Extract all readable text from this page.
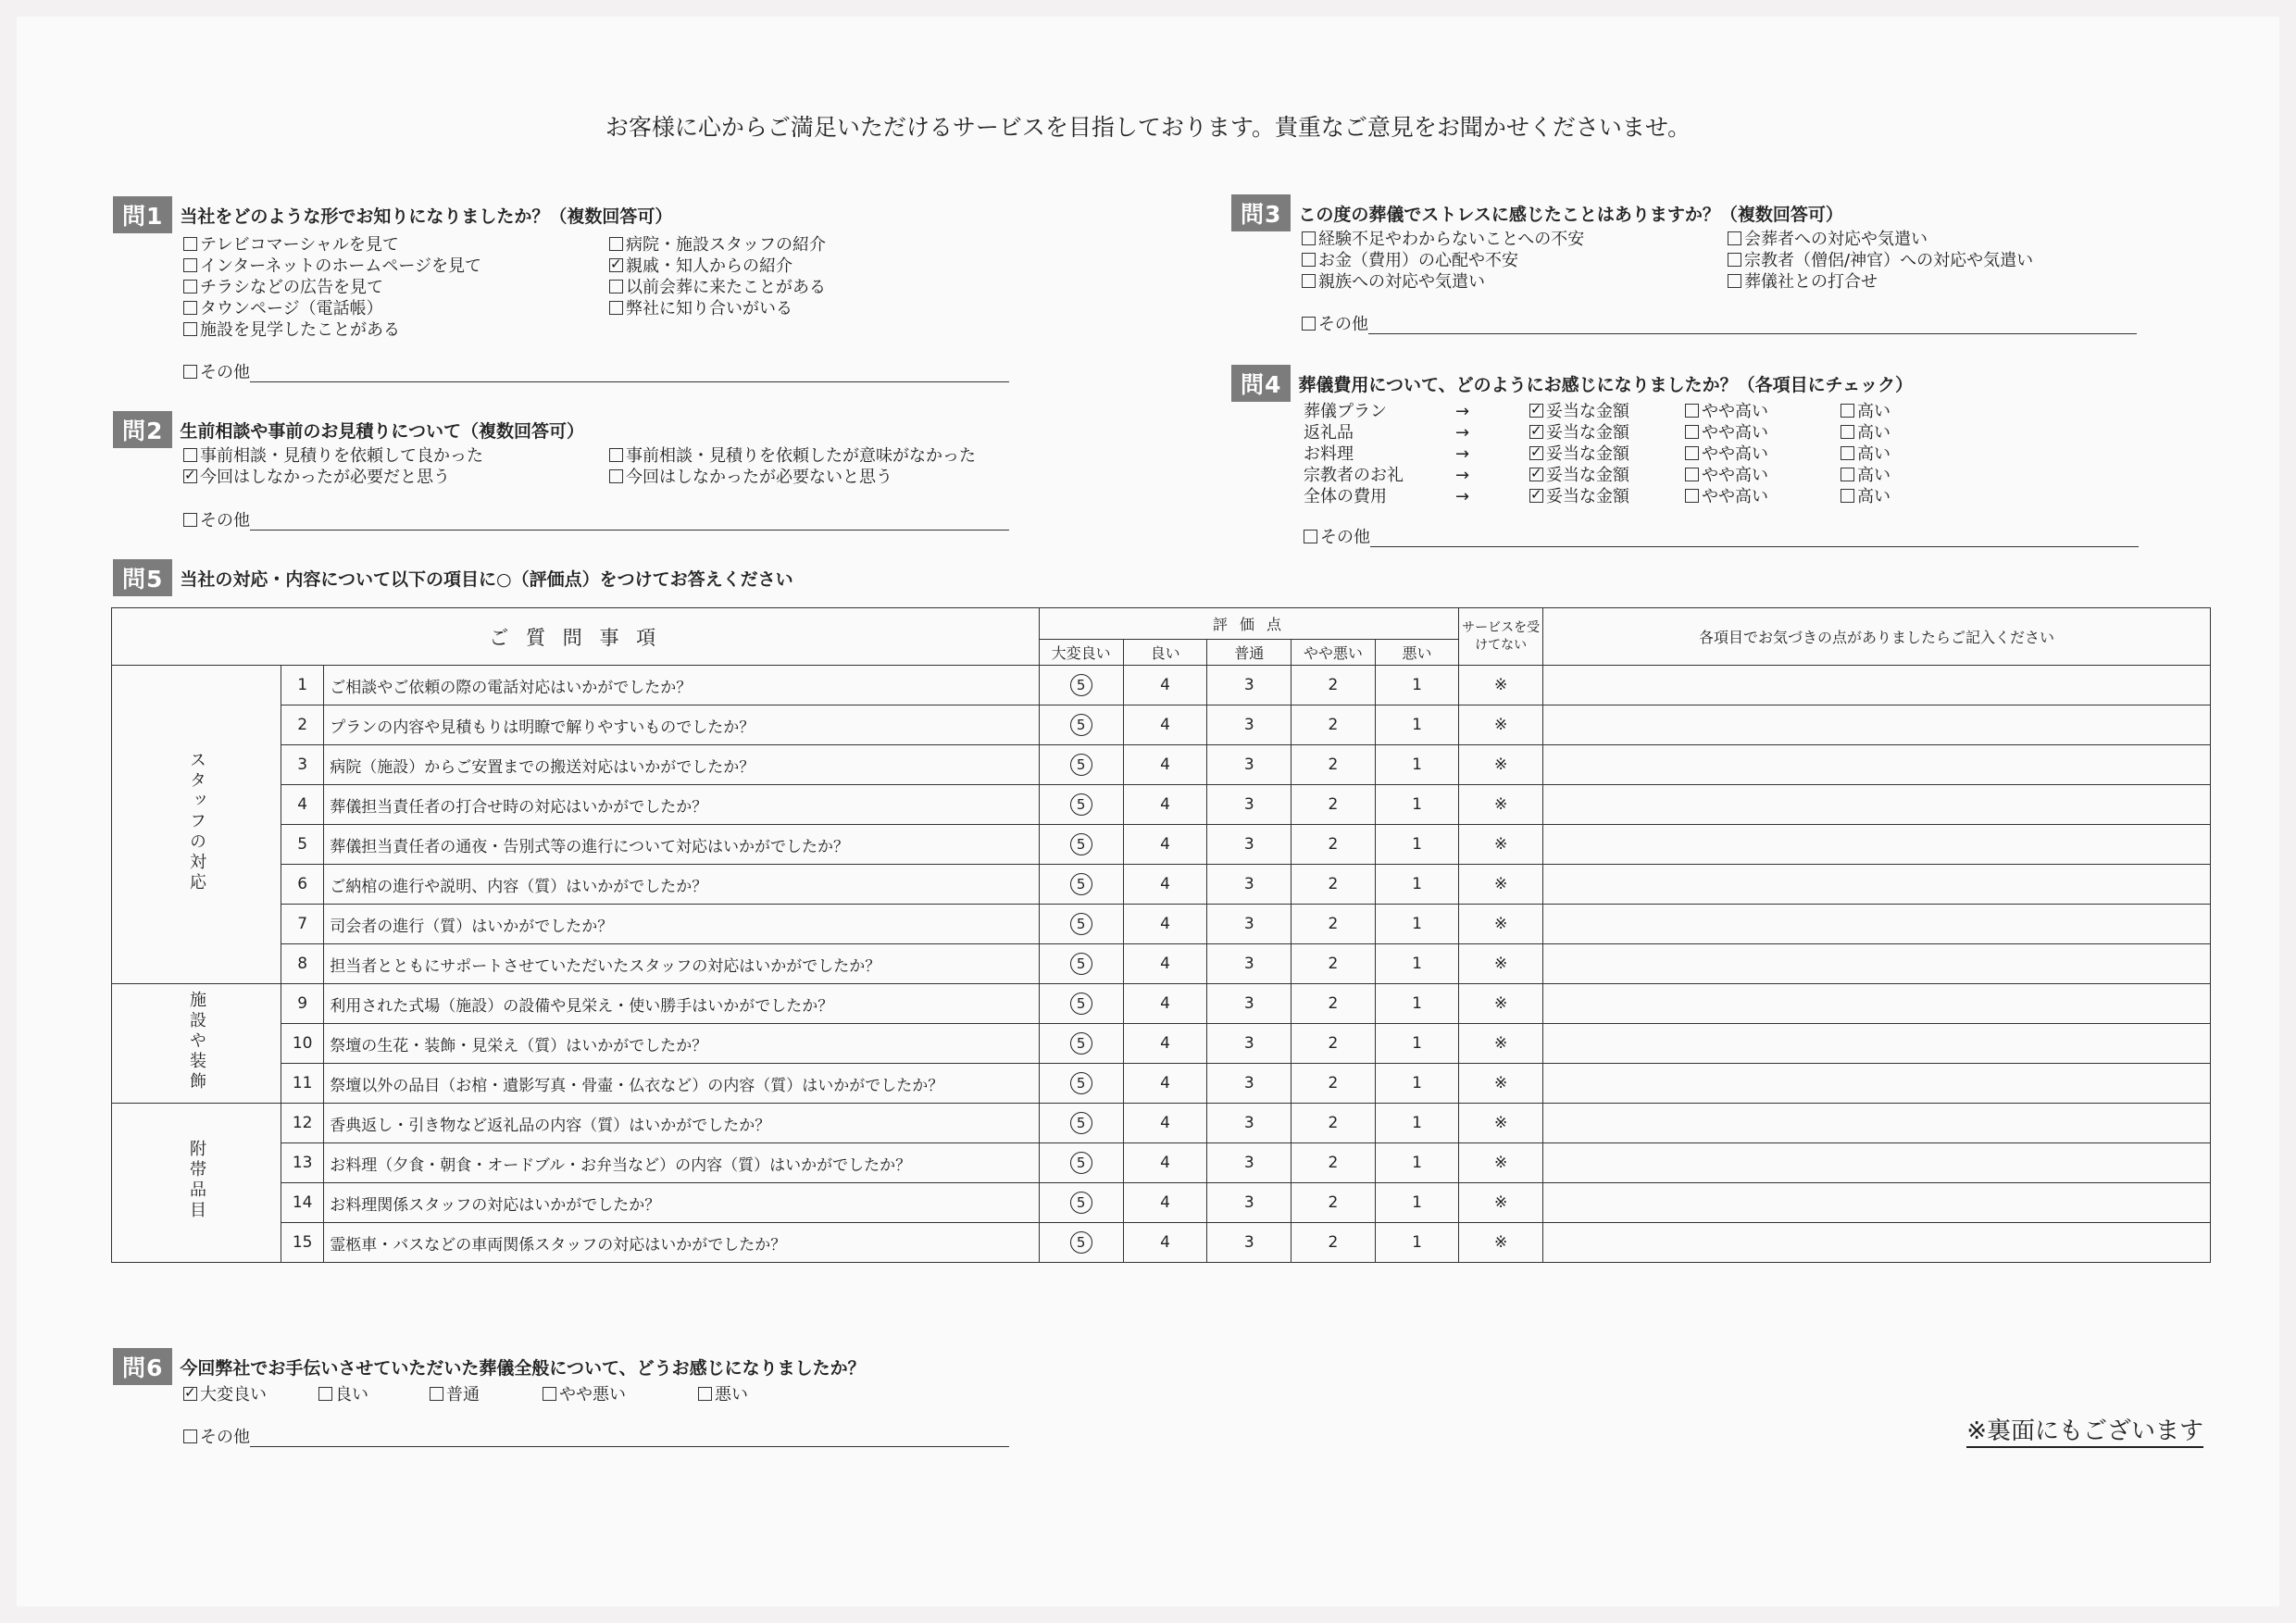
お客様に心からご満足いただけるサービスを目指しております。貴重なご意見をお聞かせくださいませ。
問1 当社をどのような形でお知りになりましたか？（複数回答可）
テレビコマーシャルを見て
インターネットのホームページを見て
チラシなどの広告を見て
タウンページ（電話帳）
施設を見学したことがある
病院・施設スタッフの紹介
✓親戚・知人からの紹介
以前会葬に来たことがある
弊社に知り合いがいる
その他
問2 生前相談や事前のお見積りについて（複数回答可）
事前相談・見積りを依頼して良かった
✓今回はしなかったが必要だと思う
事前相談・見積りを依頼したが意味がなかった
今回はしなかったが必要ないと思う
その他
問3 この度の葬儀でストレスに感じたことはありますか？（複数回答可）
経験不足やわからないことへの不安
お金（費用）の心配や不安
親族への対応や気遣い
会葬者への対応や気遣い
宗教者（僧侶/神官）への対応や気遣い
葬儀社との打合せ
その他
問4 葬儀費用について、どのようにお感じになりましたか？（各項目にチェック）
葬儀プラン	→ ✓	妥当な金額	やや高い	高い
返礼品	→ ✓	妥当な金額	やや高い	高い
お料理	→ ✓	妥当な金額	やや高い	高い
宗教者のお礼	→ ✓	妥当な金額	やや高い	高い
全体の費用	→ ✓	妥当な金額	やや高い	高い
その他
問5 当社の対応・内容について以下の項目に○（評価点）をつけてお答えください
ご 質 問 事 項			評 価 点					サービスを受けてない	各項目でお気づきの点がありましたらご記入ください
			大変良い	良い	普通	やや悪い	悪い		
スタッフの対応	1	ご相談やご依頼の際の電話対応はいかがでしたか？	5	4	3	2	1	※	
	2	プランの内容や見積もりは明瞭で解りやすいものでしたか？	5	4	3	2	1	※	
	3	病院（施設）からご安置までの搬送対応はいかがでしたか？	5	4	3	2	1	※	
	4	葬儀担当責任者の打合せ時の対応はいかがでしたか？	5	4	3	2	1	※	
	5	葬儀担当責任者の通夜・告別式等の進行について対応はいかがでしたか？	5	4	3	2	1	※	
	6	ご納棺の進行や説明、内容（質）はいかがでしたか？	5	4	3	2	1	※	
	7	司会者の進行（質）はいかがでしたか？	5	4	3	2	1	※	
	8	担当者とともにサポートさせていただいたスタッフの対応はいかがでしたか？	5	4	3	2	1	※	
施設や装飾	9	利用された式場（施設）の設備や見栄え・使い勝手はいかがでしたか？	5	4	3	2	1	※	
	10	祭壇の生花・装飾・見栄え（質）はいかがでしたか？	5	4	3	2	1	※	
	11	祭壇以外の品目（お棺・遺影写真・骨壷・仏衣など）の内容（質）はいかがでしたか？	5	4	3	2	1	※	
附帯品目	12	香典返し・引き物など返礼品の内容（質）はいかがでしたか？	5	4	3	2	1	※	
	13	お料理（夕食・朝食・オードブル・お弁当など）の内容（質）はいかがでしたか？	5	4	3	2	1	※	
	14	お料理関係スタッフの対応はいかがでしたか？	5	4	3	2	1	※	
	15	霊柩車・バスなどの車両関係スタッフの対応はいかがでしたか？	5	4	3	2	1	※	
問6 今回弊社でお手伝いさせていただいた葬儀全般について、どうお感じになりましたか？
✓大変良い	良い	普通	やや悪い	悪い
その他	※裏面にもございます
